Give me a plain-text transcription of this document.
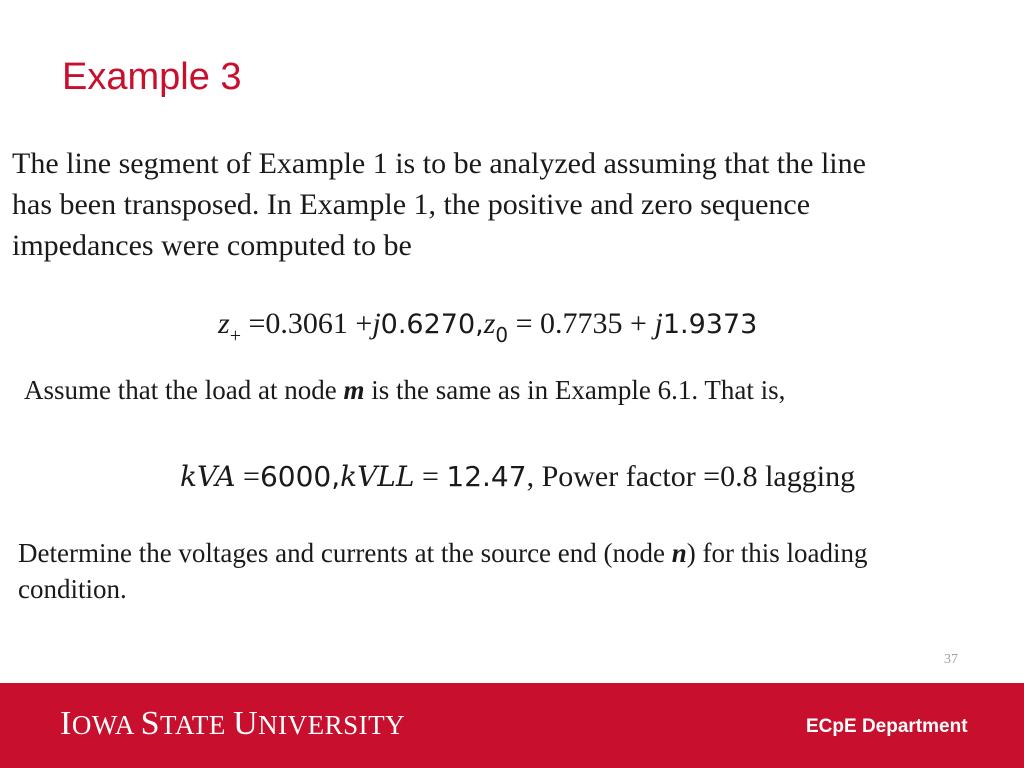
Example 3
The line segment of Example 1 is to be analyzed assuming that the line
has been transposed. In Example 1, the positive and zero sequence
impedances were computed to be
$z_+ =0.3061 +j0.6270,z_0 = 0.7735 + j1.9373$
Assume that the load at node m is the same as in Example 6.1. That is,
kVA =6000,kVLL = 12.47, Power factor =0.8 lagging
Determine the voltages and currents at the source end (node n) for this loading
condition.
37
IOWA STATE UNIVERSITY	ECpE Department
